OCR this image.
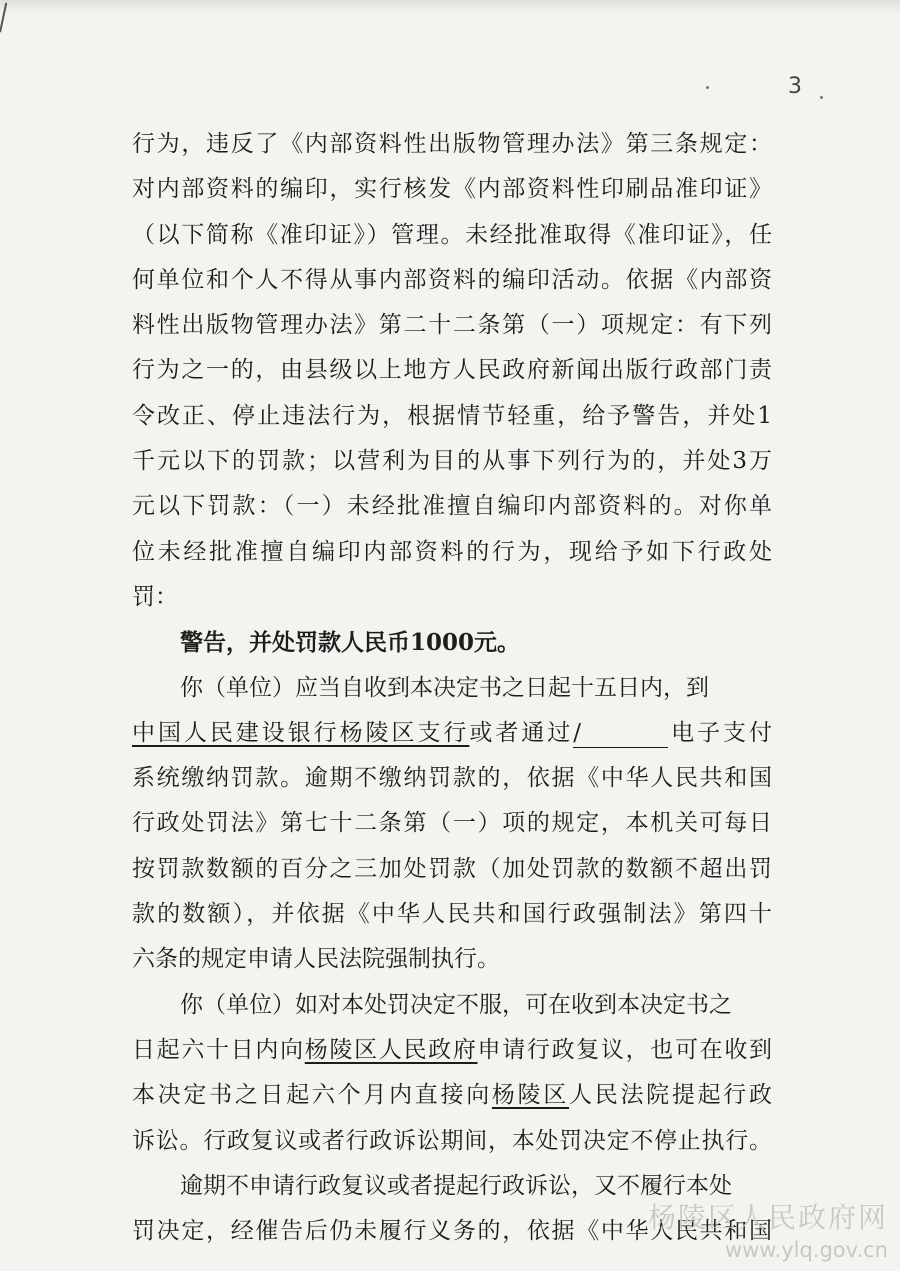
3
行为，违反了《内部资料性出版物管理办法》第三条规定：
对内部资料的编印，实行核发《内部资料性印刷品准印证》
（以下简称《准印证》）管理。未经批准取得《准印证》，任
何单位和个人不得从事内部资料的编印活动。依据《内部资
料性出版物管理办法》第二十二条第（一）项规定：有下列
行为之一的，由县级以上地方人民政府新闻出版行政部门责
令改正、停止违法行为，根据情节轻重，给予警告，并处1
千元以下的罚款；以营利为目的从事下列行为的，并处3万
元以下罚款：（一）未经批准擅自编印内部资料的。对你单
位未经批准擅自编印内部资料的行为，现给予如下行政处
罚：
警告，并处罚款人民币1000元。
你（单位）应当自收到本决定书之日起十五日内，到
中国人民建设银行杨陵区支行或者通过/	电子支付
系统缴纳罚款。逾期不缴纳罚款的，依据《中华人民共和国
行政处罚法》第七十二条第（一）项的规定，本机关可每日
按罚款数额的百分之三加处罚款（加处罚款的数额不超出罚
款的数额），并依据《中华人民共和国行政强制法》第四十
六条的规定申请人民法院强制执行。
你（单位）如对本处罚决定不服，可在收到本决定书之
日起六十日内向杨陵区人民政府申请行政复议，也可在收到
本决定书之日起六个月内直接向杨陵区人民法院提起行政
诉讼。行政复议或者行政诉讼期间，本处罚决定不停止执行。
逾期不申请行政复议或者提起行政诉讼，又不履行本处
罚决定，经催告后仍未履行义务的，依据《中华人民共和国
杨陵区人民政府网
www.ylq.gov.cn
